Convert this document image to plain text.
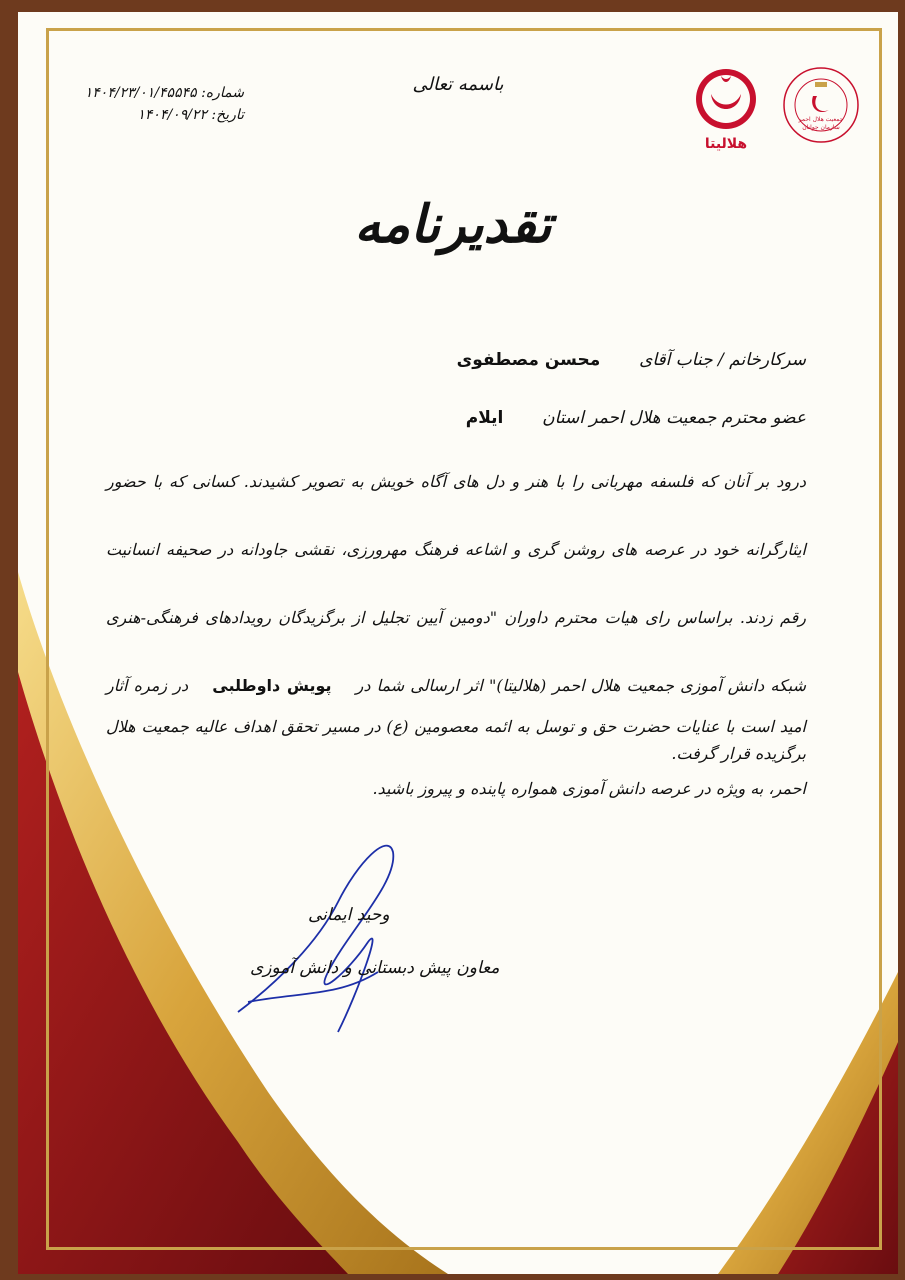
باسمه تعالی
شماره: ۱۴۰۴/۲۳/۰۱/۴۵۵۴۵
تاریخ: ۱۴۰۴/۰۹/۲۲
هلالیتا
جمعیت هلال احمر
سازمان جوانان
تقدیرنامه
سرکارخانم / جناب آقای  محسن مصطفوی
عضو محترم جمعیت هلال احمر استان  ایلام
درود بر آنان که فلسفه مهربانی را با هنر و دل های آگاه خویش به تصویر کشیدند. کسانی که با حضور ایثارگرانه خود در عرصه های روشن گری و اشاعه فرهنگ مهرورزی، نقشی جاودانه در صحیفه انسانیت رقم زدند. براساس رای هیات محترم داوران "دومین آیین تجلیل از برگزیدگان رویدادهای فرهنگی-هنری شبکه دانش آموزی جمعیت هلال احمر (هلالیتا)" اثر ارسالی شما در پویش داوطلبی در زمره آثار برگزیده قرار گرفت.
امید است با عنایات حضرت حق و توسل به ائمه معصومین (ع) در مسیر تحقق اهداف عالیه جمعیت هلال احمر، به ویژه در عرصه دانش آموزی همواره پاینده و پیروز باشید.
وحید ایمانی
معاون پیش دبستانی و دانش آموزی
